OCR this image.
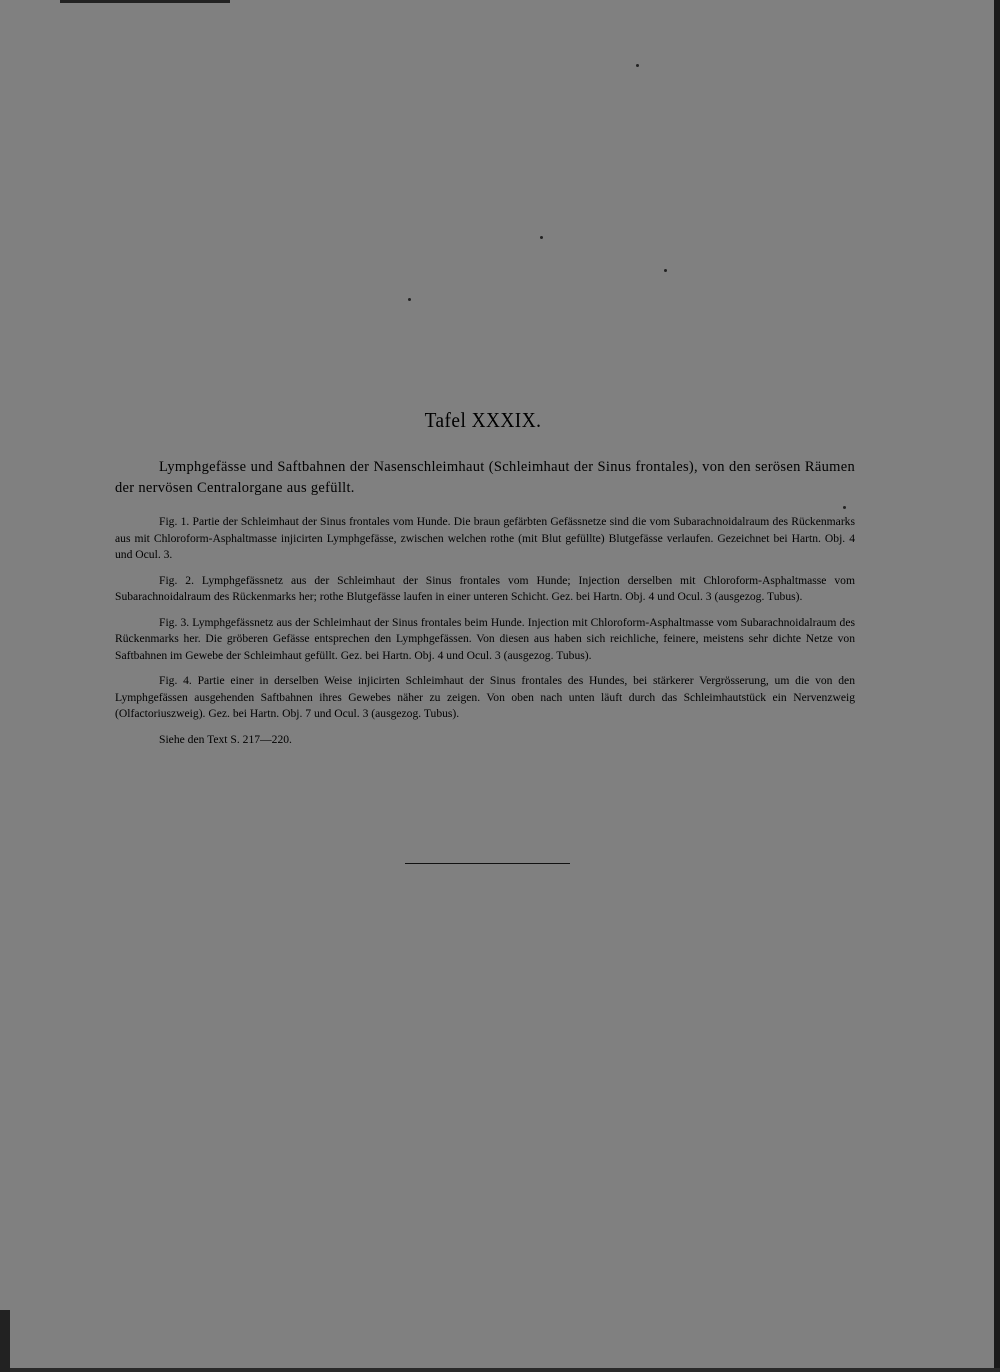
Tafel XXXIX.
Lymphgefässe und Saftbahnen der Nasenschleimhaut (Schleimhaut der Sinus frontales), von den serösen Räumen der nervösen Centralorgane aus gefüllt.

Fig. 1. Partie der Schleimhaut der Sinus frontales vom Hunde. Die braun gefärbten Gefässnetze sind die vom Subarachnoidalraum des Rückenmarks aus mit Chloroform-Asphaltmasse injicirten Lymphgefässe, zwischen welchen rothe (mit Blut gefüllte) Blutgefässe verlaufen. Gezeichnet bei Hartn. Obj. 4 und Ocul. 3.

Fig. 2. Lymphgefässnetz aus der Schleimhaut der Sinus frontales vom Hunde; Injection derselben mit Chloroform-Asphaltmasse vom Subarachnoidalraum des Rückenmarks her; rothe Blutgefässe laufen in einer unteren Schicht. Gez. bei Hartn. Obj. 4 und Ocul. 3 (ausgezog. Tubus).

Fig. 3. Lymphgefässnetz aus der Schleimhaut der Sinus frontales beim Hunde. Injection mit Chloroform-Asphaltmasse vom Subarachnoidalraum des Rückenmarks her. Die gröberen Gefässe entsprechen den Lymphgefässen. Von diesen aus haben sich reichliche, feinere, meistens sehr dichte Netze von Saftbahnen im Gewebe der Schleimhaut gefüllt. Gez. bei Hartn. Obj. 4 und Ocul. 3 (ausgezog. Tubus).

Fig. 4. Partie einer in derselben Weise injicirten Schleimhaut der Sinus frontales des Hundes, bei stärkerer Vergrösserung, um die von den Lymphgefässen ausgehenden Saftbahnen ihres Gewebes näher zu zeigen. Von oben nach unten läuft durch das Schleimhautstück ein Nervenzweig (Olfactoriuszweig). Gez. bei Hartn. Obj. 7 und Ocul. 3 (ausgezog. Tubus).

Siehe den Text S. 217—220.
